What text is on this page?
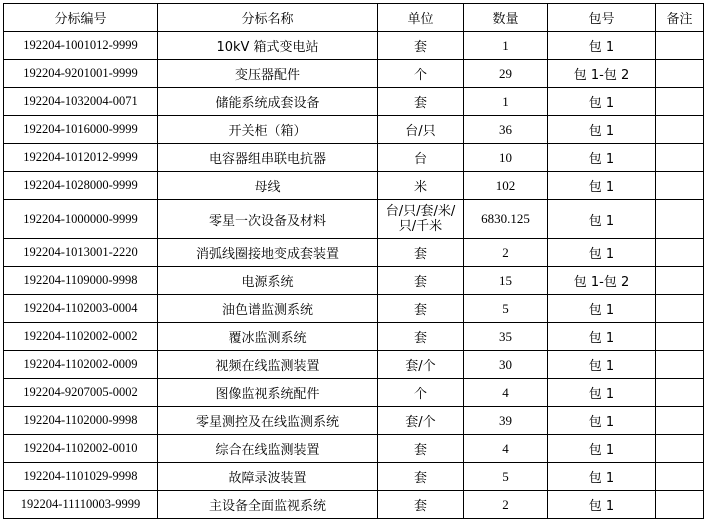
分标编号	分标名称	单位	数量	包号	备注
192204-1001012-9999	10kV 箱式变电站	套	1	包 1	
192204-9201001-9999	变压器配件	个	29	包 1-包 2	
192204-1032004-0071	储能系统成套设备	套	1	包 1	
192204-1016000-9999	开关柜（箱）	台/只	36	包 1	
192204-1012012-9999	电容器组串联电抗器	台	10	包 1	
192204-1028000-9999	母线	米	102	包 1	
192204-1000000-9999	零星一次设备及材料	台/只/套/米/只/千米	6830.125	包 1	
192204-1013001-2220	消弧线圈接地变成套装置	套	2	包 1	
192204-1109000-9998	电源系统	套	15	包 1-包 2	
192204-1102003-0004	油色谱监测系统	套	5	包 1	
192204-1102002-0002	覆冰监测系统	套	35	包 1	
192204-1102002-0009	视频在线监测装置	套/个	30	包 1	
192204-9207005-0002	图像监视系统配件	个	4	包 1	
192204-1102000-9998	零星测控及在线监测系统	套/个	39	包 1	
192204-1102002-0010	综合在线监测装置	套	4	包 1	
192204-1101029-9998	故障录波装置	套	5	包 1	
192204-11110003-9999	主设备全面监视系统	套	2	包 1	
